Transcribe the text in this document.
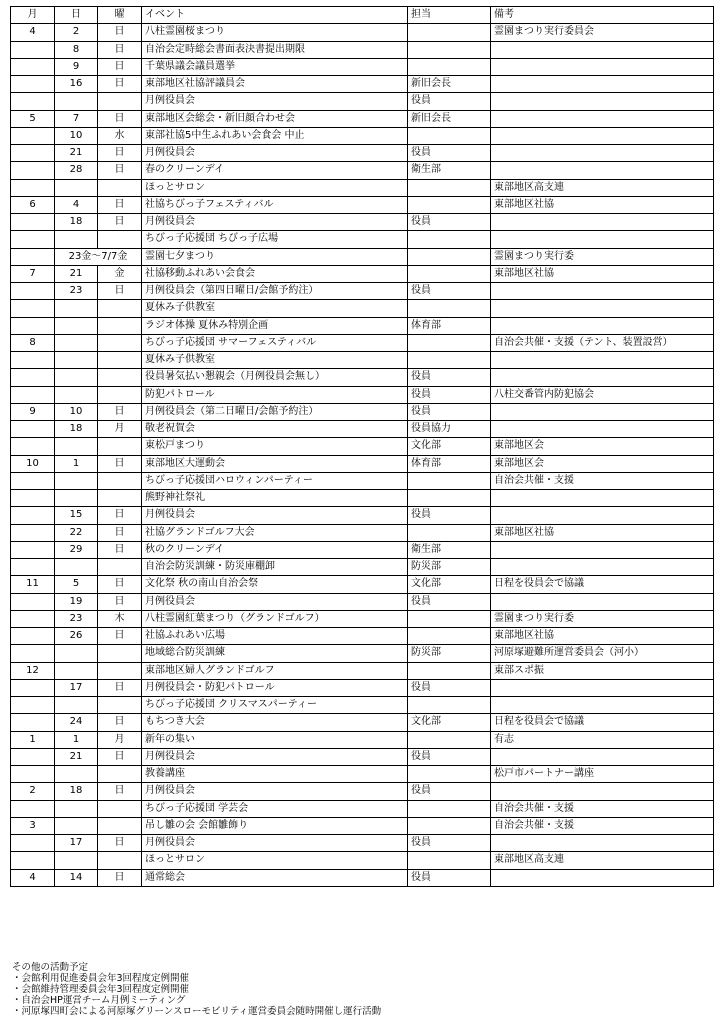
月	日	曜	イベント	担当	備考
4	2	日	八柱霊園桜まつり		霊園まつり実行委員会
	8	日	自治会定時総会書面表決書提出期限		
	9	日	千葉県議会議員選挙		
	16	日	東部地区社協評議員会	新旧会長	
			月例役員会	役員	
5	7	日	東部地区会総会・新旧顔合わせ会	新旧会長	
	10	水	東部社協5中生ふれあい会食会 中止		
	21	日	月例役員会	役員	
	28	日	春のクリーンデイ	衛生部	
			ほっとサロン		東部地区高支連
6	4	日	社協ちびっ子フェスティバル		東部地区社協
	18	日	月例役員会	役員	
			ちびっ子応援団 ちびっ子広場		
	23金～7/7金		霊園七夕まつり		霊園まつり実行委
7	21	金	社協移動ふれあい会食会		東部地区社協
	23	日	月例役員会（第四日曜日/会館予約注）	役員	
			夏休み子供教室		
			ラジオ体操 夏休み特別企画	体育部	
8			ちびっ子応援団 サマーフェスティバル		自治会共催・支援（テント、装置設営）
			夏休み子供教室		
			役員暑気払い懇親会（月例役員会無し）	役員	
			防犯パトロール	役員	八柱交番管内防犯協会
9	10	日	月例役員会（第二日曜日/会館予約注）	役員	
	18	月	敬老祝賀会	役員協力	
			東松戸まつり	文化部	東部地区会
10	1	日	東部地区大運動会	体育部	東部地区会
			ちびっ子応援団ハロウィンパーティー		自治会共催・支援
			熊野神社祭礼		
	15	日	月例役員会	役員	
	22	日	社協グランドゴルフ大会		東部地区社協
	29	日	秋のクリーンデイ	衛生部	
			自治会防災訓練・防災庫棚卸	防災部	
11	5	日	文化祭 秋の南山自治会祭	文化部	日程を役員会で協議
	19	日	月例役員会	役員	
	23	木	八柱霊園紅葉まつり（グランドゴルフ）		霊園まつり実行委
	26	日	社協ふれあい広場		東部地区社協
			地域総合防災訓練	防災部	河原塚避難所運営委員会（河小）
12			東部地区婦人グランドゴルフ		東部スポ振
	17	日	月例役員会・防犯パトロール	役員	
			ちびっ子応援団 クリスマスパーティー		
	24	日	もちつき大会	文化部	日程を役員会で協議
1	1	月	新年の集い		有志
	21	日	月例役員会	役員	
			教養講座		松戸市パートナー講座
2	18	日	月例役員会	役員	
			ちびっ子応援団 学芸会		自治会共催・支援
3			吊し雛の会 会館雛飾り		自治会共催・支援
	17	日	月例役員会	役員	
			ほっとサロン		東部地区高支連
4	14	日	通常総会	役員	
その他の活動予定
・会館利用促進委員会年3回程度定例開催
・会館維持管理委員会年3回程度定例開催
・自治会HP運営チーム月例ミーティング
・河原塚四町会による河原塚グリーンスローモビリティ運営委員会随時開催し運行活動
